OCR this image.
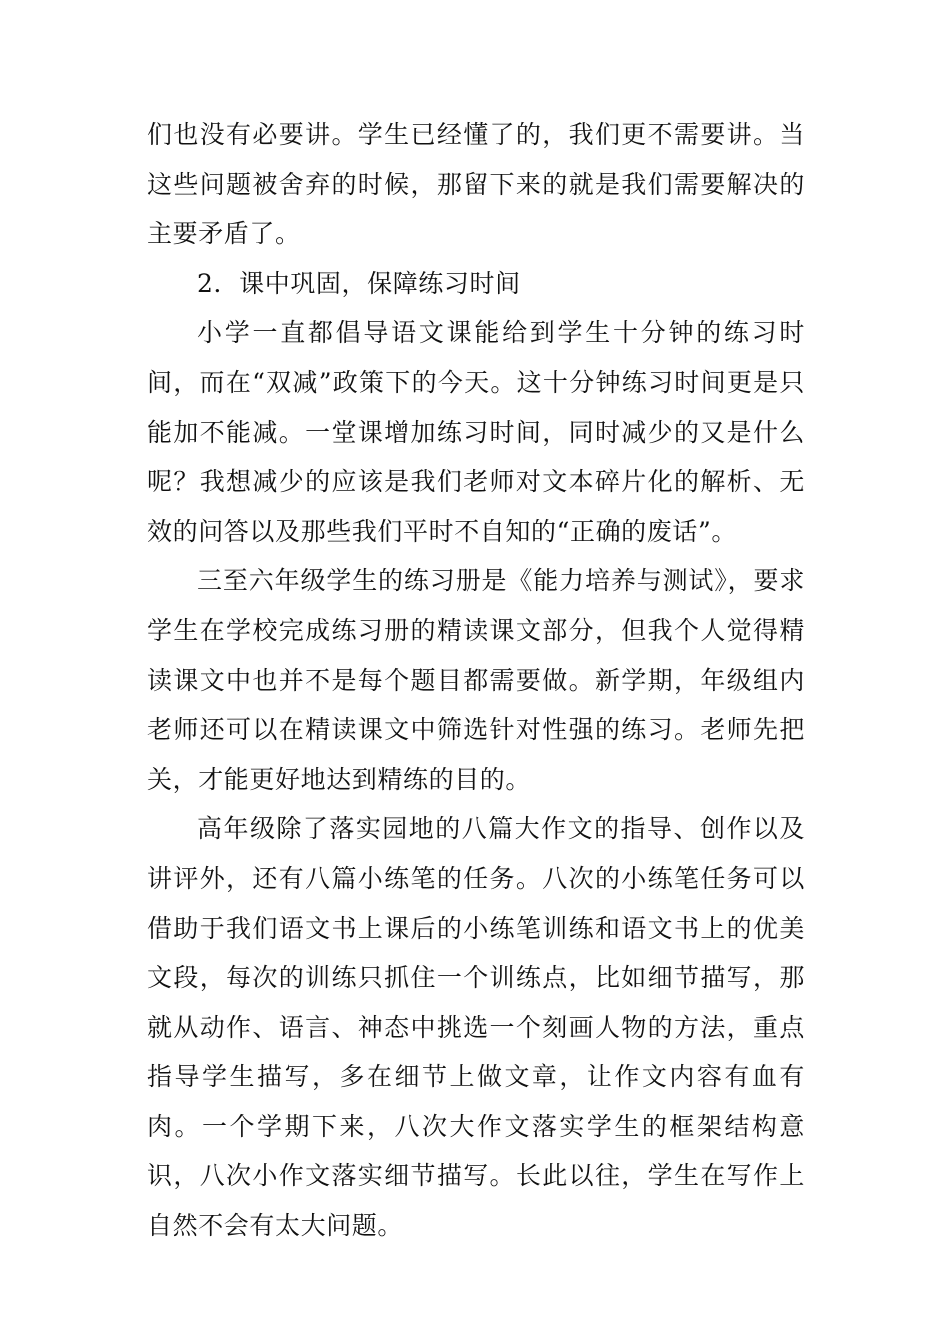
们也没有必要讲。学生已经懂了的，我们更不需要讲。当这些问题被舍弃的时候，那留下来的就是我们需要解决的主要矛盾了。

2．课中巩固，保障练习时间

小学一直都倡导语文课能给到学生十分钟的练习时间，而在“双减”政策下的今天。这十分钟练习时间更是只能加不能减。一堂课增加练习时间，同时减少的又是什么呢？我想减少的应该是我们老师对文本碎片化的解析、无效的问答以及那些我们平时不自知的“正确的废话”。

三至六年级学生的练习册是《能力培养与测试》，要求学生在学校完成练习册的精读课文部分，但我个人觉得精读课文中也并不是每个题目都需要做。新学期，年级组内老师还可以在精读课文中筛选针对性强的练习。老师先把关，才能更好地达到精练的目的。

高年级除了落实园地的八篇大作文的指导、创作以及讲评外，还有八篇小练笔的任务。八次的小练笔任务可以借助于我们语文书上课后的小练笔训练和语文书上的优美文段，每次的训练只抓住一个训练点，比如细节描写，那就从动作、语言、神态中挑选一个刻画人物的方法，重点指导学生描写，多在细节上做文章，让作文内容有血有肉。一个学期下来，八次大作文落实学生的框架结构意识，八次小作文落实细节描写。长此以往，学生在写作上自然不会有太大问题。
